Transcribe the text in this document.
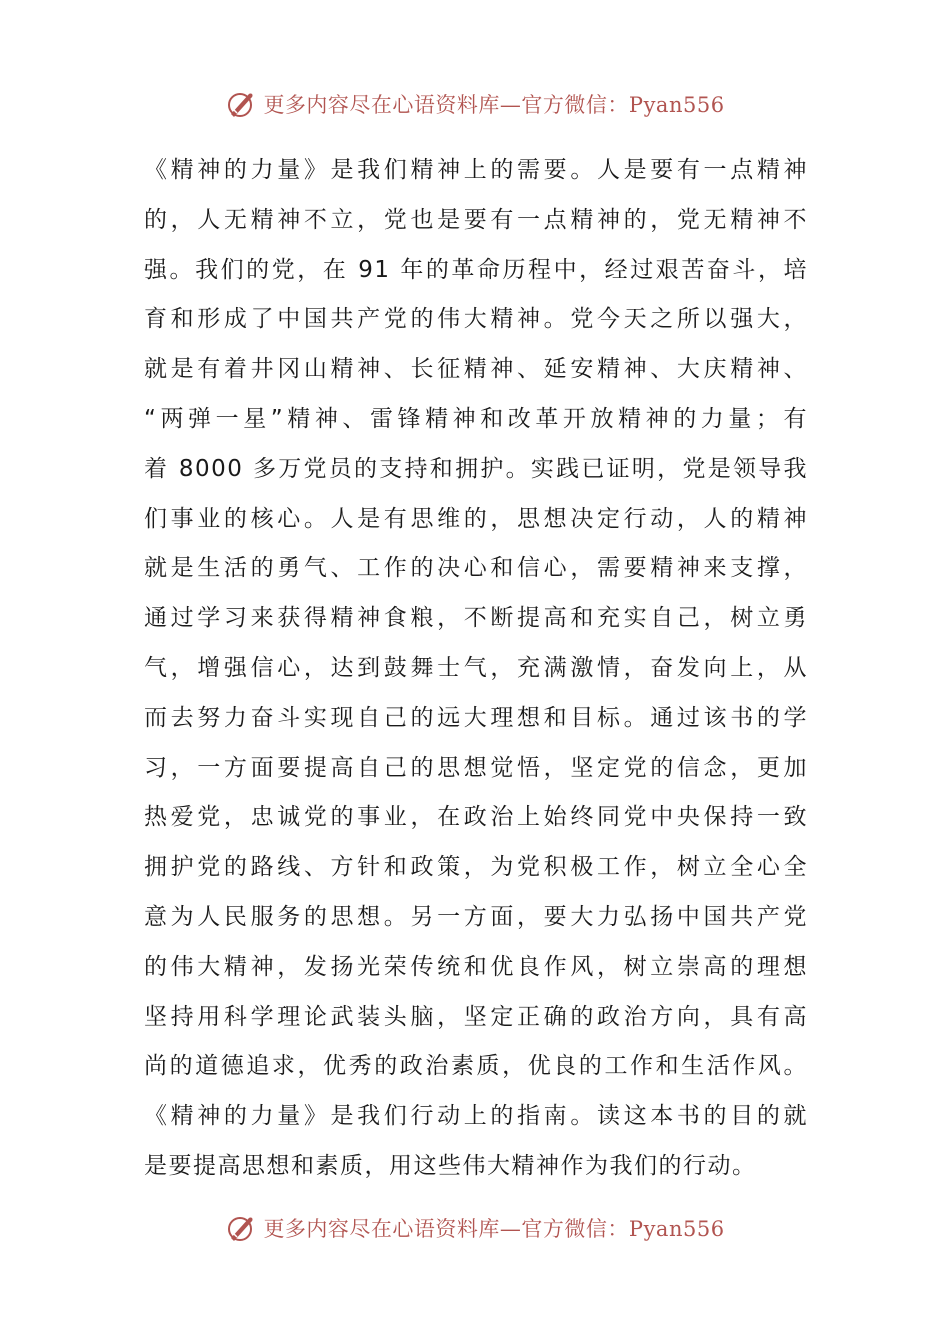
更多内容尽在心语资料库—官方微信：Pyan556
《精神的力量》是我们精神上的需要。人是要有一点精神
的，人无精神不立，党也是要有一点精神的，党无精神不
强。我们的党，在 91 年的革命历程中，经过艰苦奋斗，培
育和形成了中国共产党的伟大精神。党今天之所以强大，
就是有着井冈山精神、长征精神、延安精神、大庆精神、
“两弹一星”精神、雷锋精神和改革开放精神的力量；有
着 8000 多万党员的支持和拥护。实践已证明，党是领导我
们事业的核心。人是有思维的，思想决定行动，人的精神
就是生活的勇气、工作的决心和信心，需要精神来支撑，
通过学习来获得精神食粮，不断提高和充实自己，树立勇
气，增强信心，达到鼓舞士气，充满激情，奋发向上，从
而去努力奋斗实现自己的远大理想和目标。通过该书的学
习，一方面要提高自己的思想觉悟，坚定党的信念，更加
热爱党，忠诚党的事业，在政治上始终同党中央保持一致
拥护党的路线、方针和政策，为党积极工作，树立全心全
意为人民服务的思想。另一方面，要大力弘扬中国共产党
的伟大精神，发扬光荣传统和优良作风，树立崇高的理想
坚持用科学理论武装头脑，坚定正确的政治方向，具有高
尚的道德追求，优秀的政治素质，优良的工作和生活作风。
《精神的力量》是我们行动上的指南。读这本书的目的就
是要提高思想和素质，用这些伟大精神作为我们的行动。
更多内容尽在心语资料库—官方微信：Pyan556
